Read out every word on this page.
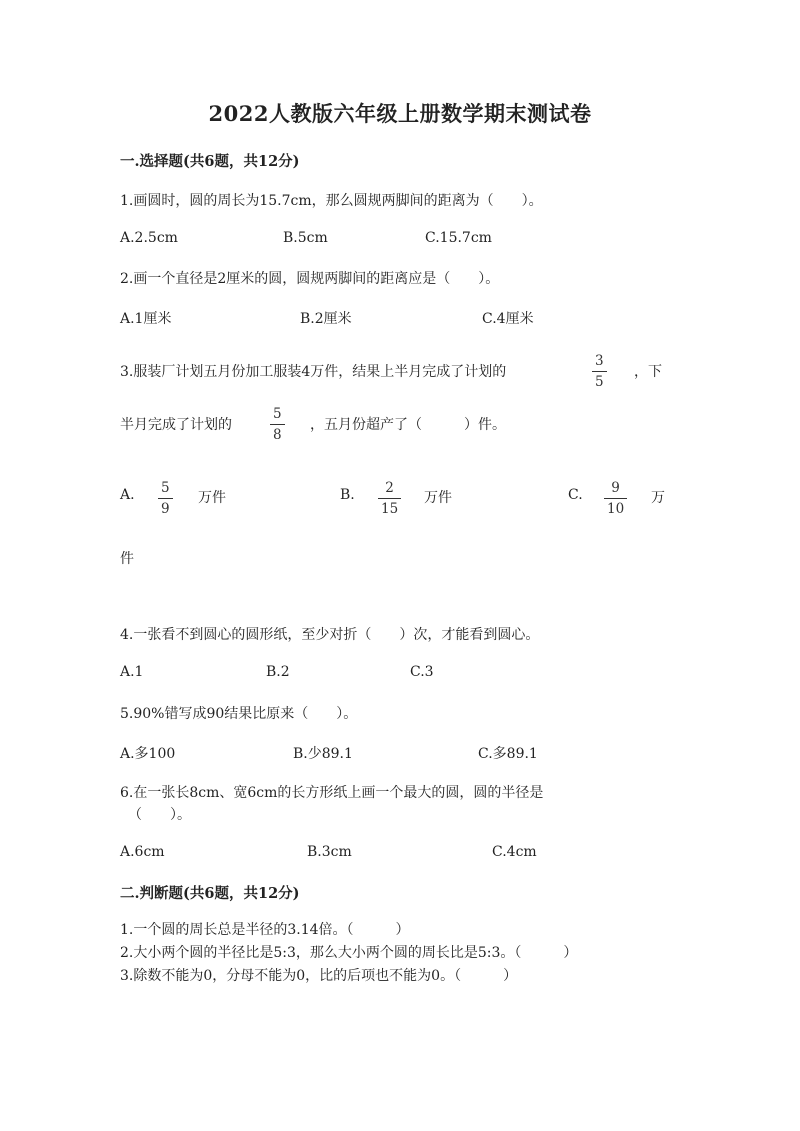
2022人教版六年级上册数学期末测试卷
一.选择题(共6题，共12分)
1.画圆时，圆的周长为15.7cm，那么圆规两脚间的距离为（　　）。
A.2.5cm	B.5cm	C.15.7cm
2.画一个直径是2厘米的圆，圆规两脚间的距离应是（　　）。
A.1厘米	B.2厘米	C.4厘米
3.服装厂计划五月份加工服装4万件，结果上半月完成了计划的
3
5
，下
半月完成了计划的
5
8
，五月份超产了（　　　）件。
A. 5
9
万件	B. 2
15
万件	C. 9
10
万
件
4.一张看不到圆心的圆形纸，至少对折（　　）次，才能看到圆心。
A.1	B.2	C.3
5.90%错写成90结果比原来（　　）。
A.多100	B.少89.1	C.多89.1
6.在一张长8cm、宽6cm的长方形纸上画一个最大的圆，圆的半径是
（　　）。
A.6cm	B.3cm	C.4cm
二.判断题(共6题，共12分)
1.一个圆的周长总是半径的3.14倍。（　　　）
2.大小两个圆的半径比是5:3，那么大小两个圆的周长比是5:3。（　　　）
3.除数不能为0，分母不能为0，比的后项也不能为0。（　　　）
